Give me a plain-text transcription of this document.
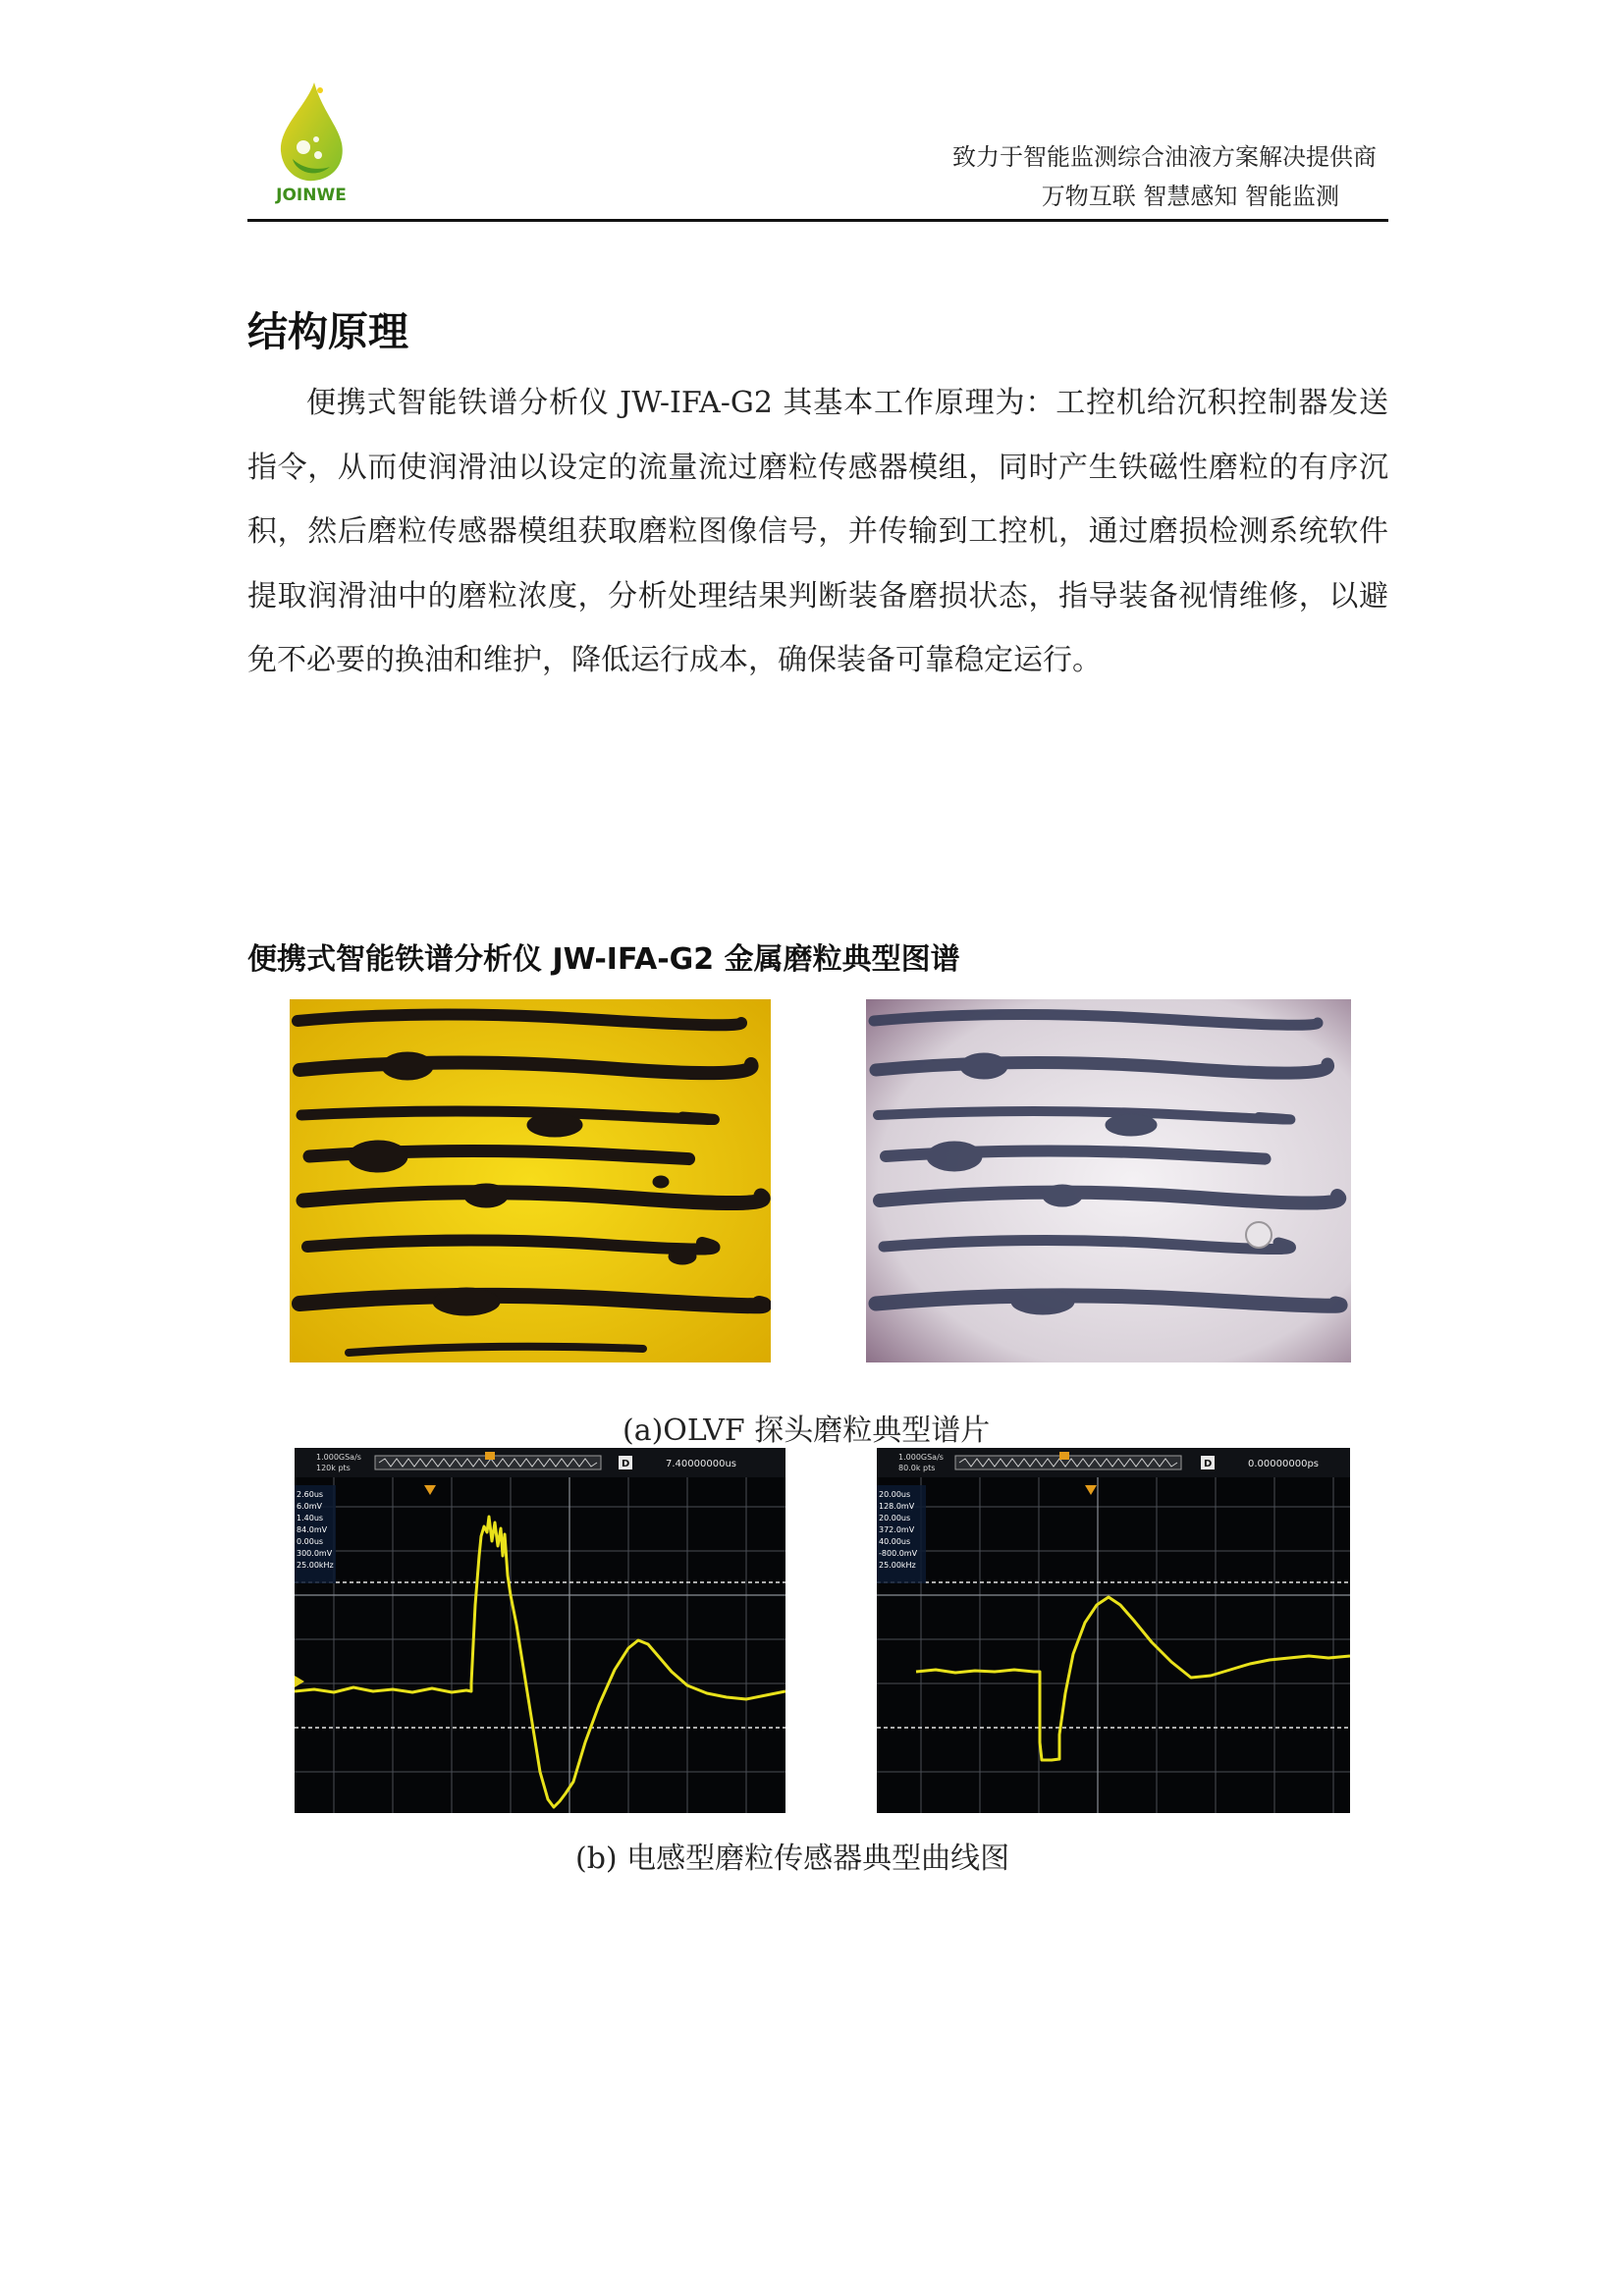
JOINWE
致力于智能监测综合油液方案解决提供商
万物互联 智慧感知 智能监测
结构原理

便携式智能铁谱分析仪 JW-IFA-G2 其基本工作原理为：工控机给沉积控制器发送指令，从而使润滑油以设定的流量流过磨粒传感器模组，同时产生铁磁性磨粒的有序沉积，然后磨粒传感器模组获取磨粒图像信号，并传输到工控机，通过磨损检测系统软件提取润滑油中的磨粒浓度，分析处理结果判断装备磨损状态，指导装备视情维修，以避免不必要的换油和维护，降低运行成本，确保装备可靠稳定运行。

便携式智能铁谱分析仪 JW-IFA-G2 金属磨粒典型图谱
(a)OLVF 探头磨粒典型谱片
1.000GSa/s
120k pts	D	7.40000000us
2.60us
6.0mV
1.40us
84.0mV
0.00us
300.0mV
25.00kHz
1.000GSa/s
80.0k pts	D	0.00000000ps
20.00us
128.0mV
20.00us
372.0mV
40.00us
-800.0mV
25.00kHz
(b) 电感型磨粒传感器典型曲线图
